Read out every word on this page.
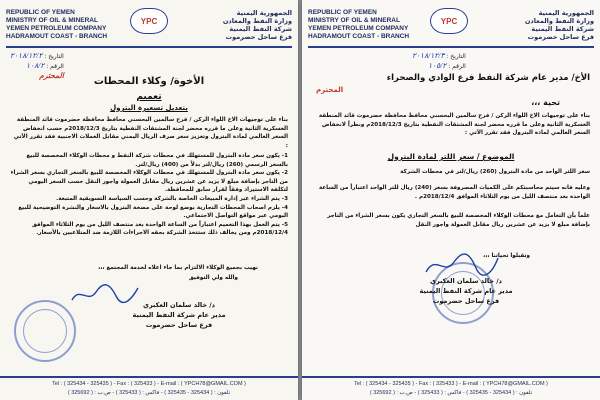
REPUBLIC OF YEMEN
MINISTRY OF OIL & MINERAL
YEMEN PETROLEUM COMPANY
HADRAMOUT COAST - BRANCH
YPC
الجمهورية اليمنية
وزارة النفط والمعادن
شركة النفط اليمنية
فرع ساحل حضرموت
التاريخ : ٢٠١٨/١٢/٢
الرقم : ١٠٨/٢
المحترم
الأخوة/ وكلاء المحطات
تعميم
بتعديل تسعيرة البترول
بناء على توجيهات الاخ اللواء الركن / فرج سالمين البحسني محافظ محافظة حضرموت قائد المنطقة العسكرية الثانية وعلى ما قرره محضر لجنة المشتقات النفطية بتاريخ 2018/12/3م حسب انخفاض السعر العالمي لمادة البترول وتعزيز سعر صرف الريال اليمني مقابل العملات الاجنبية فقد تقرر الآتي :
1- يكون سعر مادة البترول للمستهلك في محطات شركة النفط و محطات الوكلاء المخصصة للبيع بالسعر الرسمي (260) ريال/لتر بدلاً من (400) ريال/لتر.
2- يكون سعر مادة البترول للمستهلك في محطات الوكلاء المخصصة للبيع بالسعر التجاري بسعر الشراء من التاجر بإضافة مبلغ لا يزيد عن عشرين ريال مقابل العمولة واجور النقل حسب السعر اليومي لتكلفة الاستيراد وفقاً لقرار سابق للمحافظة.
3- يتم الشراء عبر إدارة المبيعات الخاصة بالشركة وحسب السياسة التسويقية المتبعة.
4- يلزم اصحاب المحطات التجارية بوضع لوحة على مضخة البترول بالاسعار والنشرة التوضيحية للبيع اليومي عبر مواقع التواصل الاجتماعي.
5- يتم العمل بهذا التعميم اعتباراً من الساعة الواحدة بعد منتصف الليل من يوم الثلاثاء الموافق 2018/12/4م ومن يخالف ذلك ستتخذ الشركة بحقه الاجراءات اللازمة ضد المتلاعبين بالأسعار.
نهيب بجميع الوكلاء الالتزام بما جاء اعلاه لخدمة المجتمع ،،،
والله ولي التوفيق
د/ خالد سلمان العكبري
مدير عام شركة النفط اليمنية
فرع ساحل حضرموت
Tel : ( 325434 - 325435 ) - Fax : ( 325433 ) - E-mail : ( YPCH78@GMAIL.COM )
تلفون : ( 325434 - 325435 ) - فاكس : ( 325433 ) - ص.ب : ( 325692 )
REPUBLIC OF YEMEN
MINISTRY OF OIL & MINERAL
YEMEN PETROLEUM COMPANY
HADRAMOUT COAST - BRANCH
YPC
الجمهورية اليمنية
وزارة النفط والمعادن
شركة النفط اليمنية
فرع ساحل حضرموت
التاريخ : ٢٠١٨/١٢/٣
الرقم : ١٠٥/٢
الأخ/ مدير عام شركة النفط فرع الوادي والصحراء
المحترم
تحية ،،،
بناء على توجيهات الاخ اللواء الركن / فرج سالمين البحسني محافظ محافظة حضرموت قائد المنطقة العسكرية الثانية وعلى ما قرره محضر لجنة المشتقات النفطية بتاريخ 2018/12/3م ونظراً لانخفاض السعر العالمي لمادة البترول فقد تقرر الآتي :
الموضوع / سعر اللتر لمادة البترول
سعر اللتر الواحد من مادة البترول (260) ريال/لتر في محطات الشركة
وعليه فانه سيتم محاسبتكم على الكميات المصروفة بسعر (240) ريال للتر الواحد اعتباراً من الساعة الواحدة بعد منتصف الليل من يوم الثلاثاء الموافق 2018/12/4م .
علماً بأن التعامل مع محطات الوكلاء المخصصة للبيع بالسعر التجاري يكون بسعر الشراء من التاجر بإضافة مبلغ لا يزيد عن عشرين ريال مقابل العمولة واجور النقل
وتقبلوا تحياتنا ،،،
د/ خالد سلمان العكبري
مدير عام شركة النفط اليمنية
فرع ساحل حضرموت
Tel : ( 325434 - 325435 ) - Fax : ( 325433 ) - E-mail : ( YPCH78@GMAIL.COM )
تلفون : ( 325434 - 325435 ) - فاكس : ( 325433 ) - ص.ب : ( 325692 )
